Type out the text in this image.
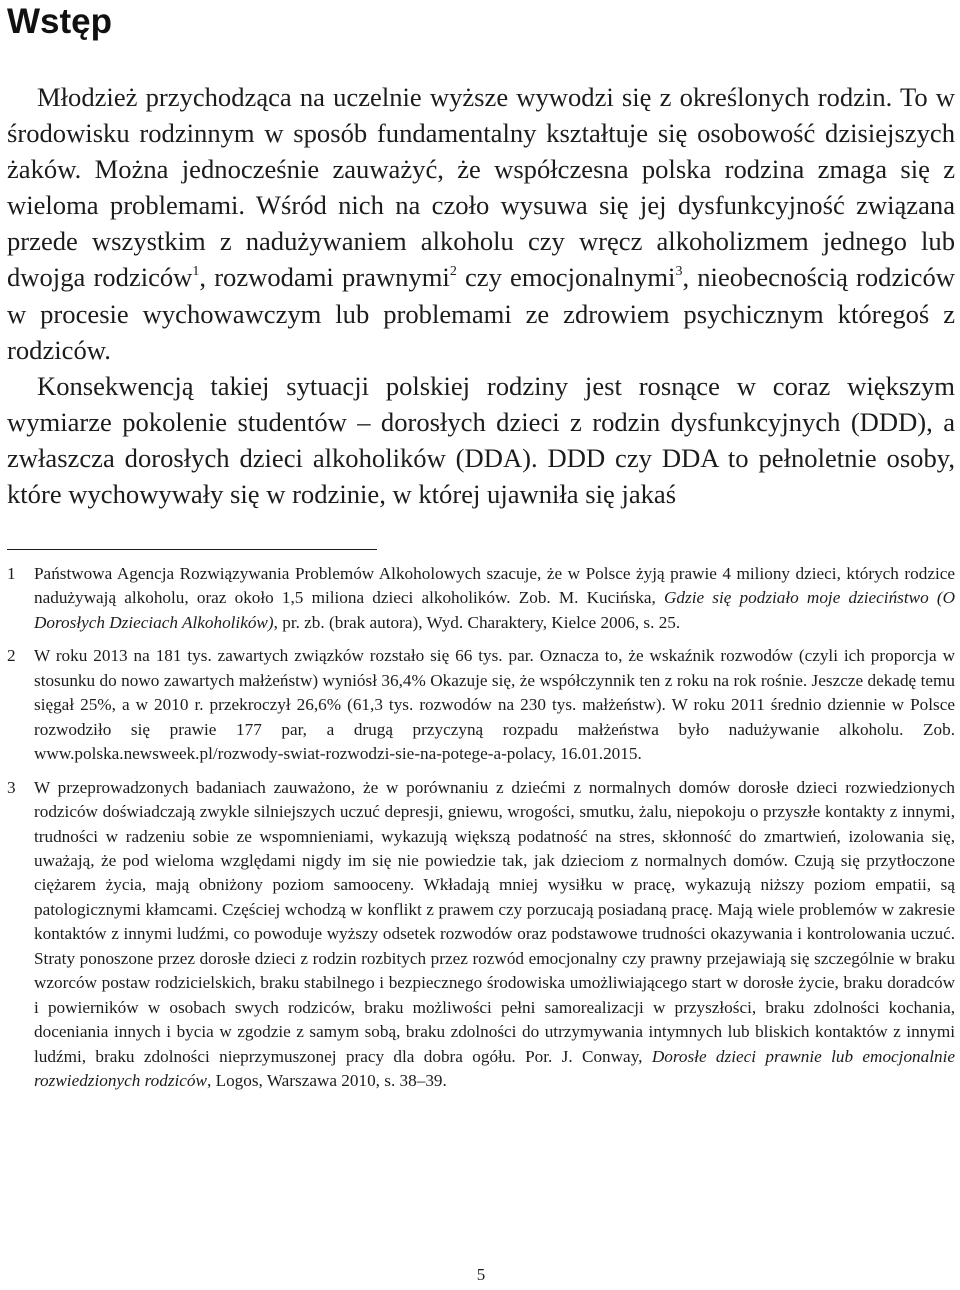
Wstęp

Młodzież przychodząca na uczelnie wyższe wywodzi się z określonych rodzin. To w środowisku rodzinnym w sposób fundamentalny kształtuje się osobowość dzisiejszych żaków. Można jednocześnie zauważyć, że współczesna polska rodzina zmaga się z wieloma problemami. Wśród nich na czoło wysuwa się jej dysfunkcyjność związana przede wszystkim z nadużywaniem alkoholu czy wręcz alkoholizmem jednego lub dwojga rodziców$^1$, rozwodami prawnymi$^2$ czy emocjonalnymi$^3$, nieobecnością rodziców w procesie wychowawczym lub problemami ze zdrowiem psychicznym któregoś z rodziców.

Konsekwencją takiej sytuacji polskiej rodziny jest rosnące w coraz większym wymiarze pokolenie studentów – dorosłych dzieci z rodzin dysfunkcyjnych (DDD), a zwłaszcza dorosłych dzieci alkoholików (DDA). DDD czy DDA to pełnoletnie osoby, które wychowywały się w rodzinie, w której ujawniła się jakaś

1 Państwowa Agencja Rozwiązywania Problemów Alkoholowych szacuje, że w Polsce żyją prawie 4 miliony dzieci, których rodzice nadużywają alkoholu, oraz około 1,5 miliona dzieci alkoholików. Zob. M. Kucińska, Gdzie się podziało moje dzieciństwo (O Dorosłych Dzieciach Alkoholików), pr. zb. (brak autora), Wyd. Charaktery, Kielce 2006, s. 25.
2 W roku 2013 na 181 tys. zawartych związków rozstało się 66 tys. par. Oznacza to, że wskaźnik rozwodów (czyli ich proporcja w stosunku do nowo zawartych małżeństw) wyniósł 36,4% Okazuje się, że współczynnik ten z roku na rok rośnie. Jeszcze dekadę temu sięgał 25%, a w 2010 r. przekroczył 26,6% (61,3 tys. rozwodów na 230 tys. małżeństw). W roku 2011 średnio dziennie w Polsce rozwodziło się prawie 177 par, a drugą przyczyną rozpadu małżeństwa było nadużywanie alkoholu. Zob. www.polska.newsweek.pl/rozwody-swiat-rozwodzi-sie-na-potege-a-polacy, 16.01.2015.
3 W przeprowadzonych badaniach zauważono, że w porównaniu z dziećmi z normalnych domów dorosłe dzieci rozwiedzionych rodziców doświadczają zwykle silniejszych uczuć depresji, gniewu, wrogości, smutku, żalu, niepokoju o przyszłe kontakty z innymi, trudności w radzeniu sobie ze wspomnieniami, wykazują większą podatność na stres, skłonność do zmartwień, izolowania się, uważają, że pod wieloma względami nigdy im się nie powiedzie tak, jak dzieciom z normalnych domów. Czują się przytłoczone ciężarem życia, mają obniżony poziom samooceny. Wkładają mniej wysiłku w pracę, wykazują niższy poziom empatii, są patologicznymi kłamcami. Częściej wchodzą w konflikt z prawem czy porzucają posiadaną pracę. Mają wiele problemów w zakresie kontaktów z innymi ludźmi, co powoduje wyższy odsetek rozwodów oraz podstawowe trudności okazywania i kontrolowania uczuć. Straty ponoszone przez dorosłe dzieci z rodzin rozbitych przez rozwód emocjonalny czy prawny przejawiają się szczególnie w braku wzorców postaw rodzicielskich, braku stabilnego i bezpiecznego środowiska umożliwiającego start w dorosłe życie, braku doradców i powierników w osobach swych rodziców, braku możliwości pełni samorealizacji w przyszłości, braku zdolności kochania, doceniania innych i bycia w zgodzie z samym sobą, braku zdolności do utrzymywania intymnych lub bliskich kontaktów z innymi ludźmi, braku zdolności nieprzymuszonej pracy dla dobra ogółu. Por. J. Conway, Dorosłe dzieci prawnie lub emocjonalnie rozwiedzionych rodziców, Logos, Warszawa 2010, s. 38–39.
5
